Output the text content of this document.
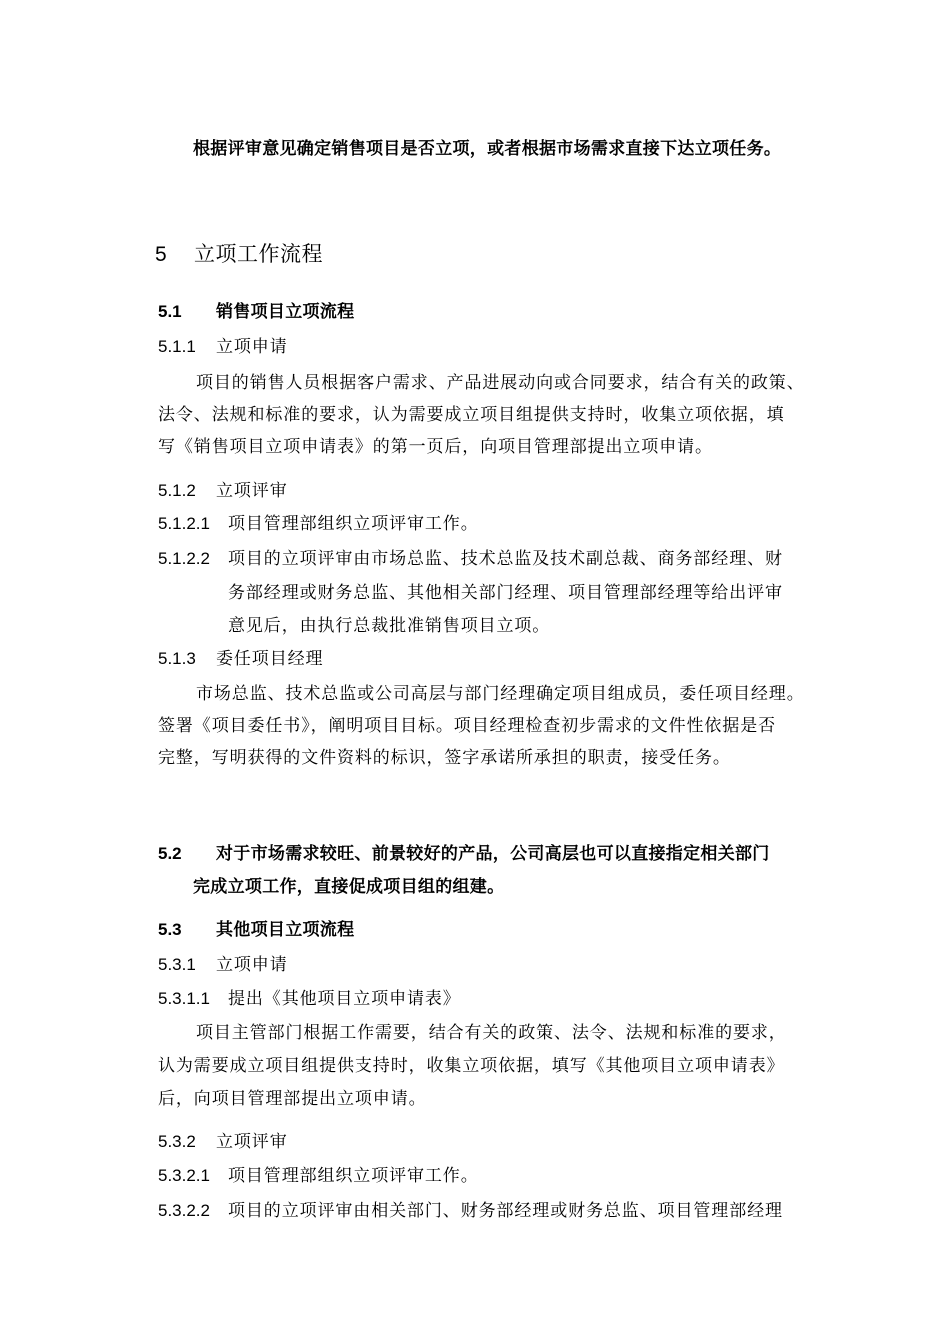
根据评审意见确定销售项目是否立项，或者根据市场需求直接下达立项任务。
5 立项工作流程
5.1 销售项目立项流程
5.1.1 立项申请
项目的销售人员根据客户需求、产品进展动向或合同要求，结合有关的政策、
法令、法规和标准的要求，认为需要成立项目组提供支持时，收集立项依据，填
写《销售项目立项申请表》的第一页后，向项目管理部提出立项申请。
5.1.2 立项评审
5.1.2.1 项目管理部组织立项评审工作。
5.1.2.2 项目的立项评审由市场总监、技术总监及技术副总裁、商务部经理、财
务部经理或财务总监、其他相关部门经理、项目管理部经理等给出评审
意见后，由执行总裁批准销售项目立项。
5.1.3 委任项目经理
市场总监、技术总监或公司高层与部门经理确定项目组成员，委任项目经理。
签署《项目委任书》，阐明项目目标。项目经理检查初步需求的文件性依据是否
完整，写明获得的文件资料的标识，签字承诺所承担的职责，接受任务。
5.2 对于市场需求较旺、前景较好的产品，公司高层也可以直接指定相关部门
完成立项工作，直接促成项目组的组建。
5.3 其他项目立项流程
5.3.1 立项申请
5.3.1.1 提出《其他项目立项申请表》
项目主管部门根据工作需要，结合有关的政策、法令、法规和标准的要求，
认为需要成立项目组提供支持时，收集立项依据，填写《其他项目立项申请表》
后，向项目管理部提出立项申请。
5.3.2 立项评审
5.3.2.1 项目管理部组织立项评审工作。
5.3.2.2 项目的立项评审由相关部门、财务部经理或财务总监、项目管理部经理
